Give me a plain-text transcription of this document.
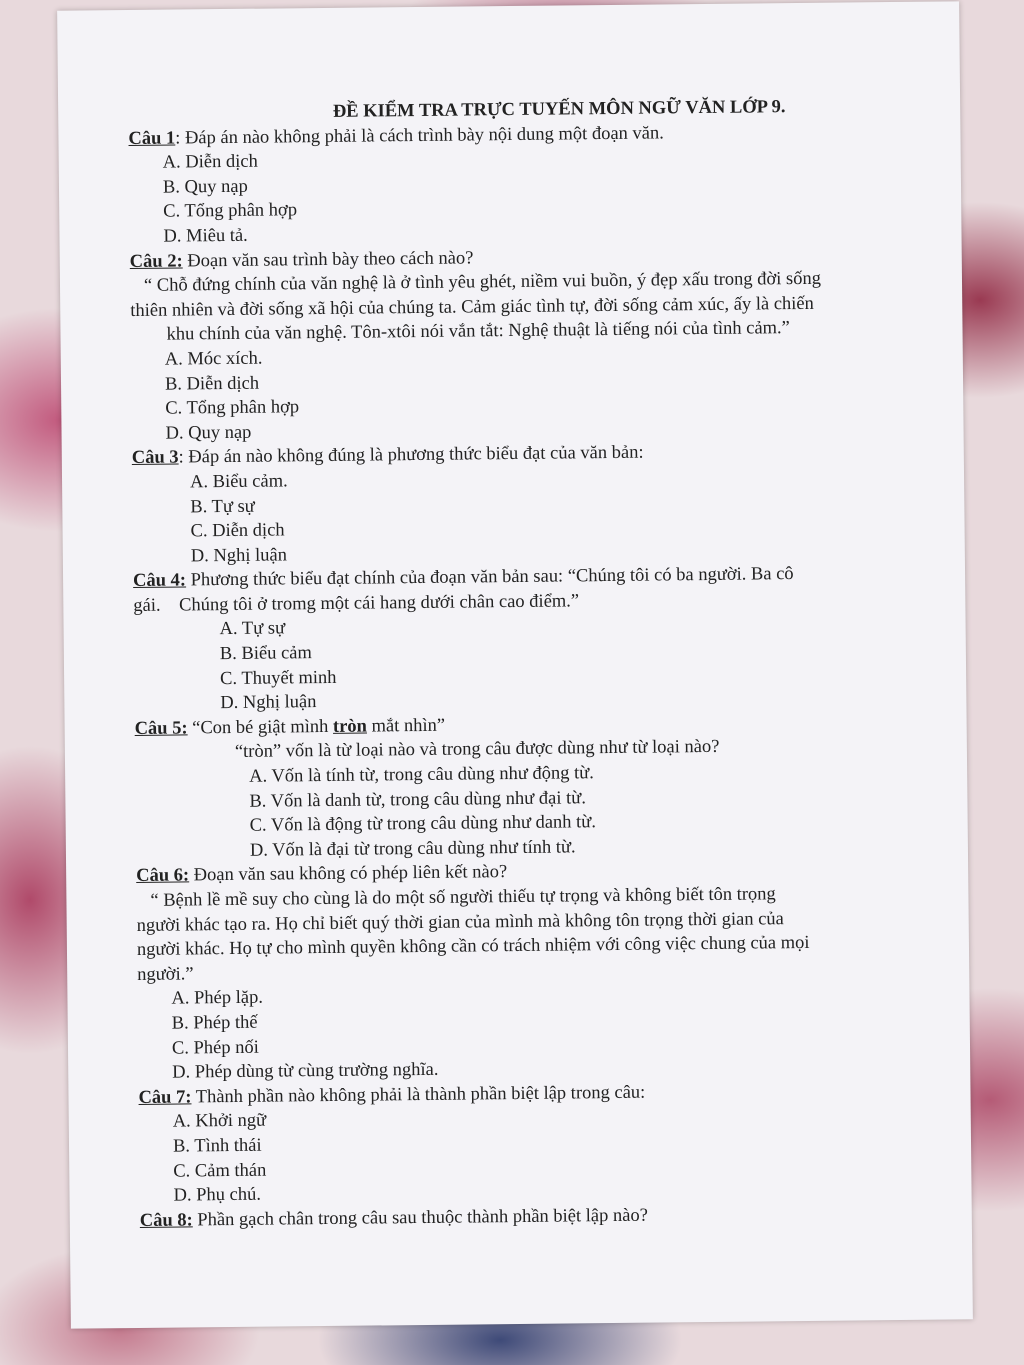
ĐỀ KIỂM TRA TRỰC TUYẾN MÔN NGỮ VĂN LỚP 9.
Câu 1: Đáp án nào không phải là cách trình bày nội dung một đoạn văn.
A. Diễn dịch
B. Quy nạp
C. Tổng phân hợp
D. Miêu tả.
Câu 2: Đoạn văn sau trình bày theo cách nào?
“ Chỗ đứng chính của văn nghệ là ở tình yêu ghét, niềm vui buồn, ý đẹp xấu trong đời sống
thiên nhiên và đời sống xã hội của chúng ta. Cảm giác tình tự, đời sống cảm xúc, ấy là chiến
khu chính của văn nghệ. Tôn-xtôi nói vắn tắt: Nghệ thuật là tiếng nói của tình cảm.”
A. Móc xích.
B. Diễn dịch
C. Tổng phân hợp
D. Quy nạp
Câu 3: Đáp án nào không đúng là phương thức biểu đạt của văn bản:
A. Biểu cảm.
B. Tự sự
C. Diễn dịch
D. Nghị luận
Câu 4: Phương thức biểu đạt chính của đoạn văn bản sau: “Chúng tôi có ba người. Ba cô
gái.    Chúng tôi ở tromg một cái hang dưới chân cao điểm.”
A. Tự sự
B. Biểu cảm
C. Thuyết minh
D. Nghị luận
Câu 5: “Con bé giật mình tròn mắt nhìn”
“tròn” vốn là từ loại nào và trong câu được dùng như từ loại nào?
A. Vốn là tính từ, trong câu dùng như động từ.
B. Vốn là danh từ, trong câu dùng như đại từ.
C. Vốn là động từ trong câu dùng như danh từ.
D. Vốn là đại từ trong câu dùng như tính từ.
Câu 6: Đoạn văn sau không có phép liên kết nào?
“ Bệnh lề mề suy cho cùng là do một số người thiếu tự trọng và không biết tôn trọng
người khác tạo ra. Họ chỉ biết quý thời gian của mình mà không tôn trọng thời gian của
người khác. Họ tự cho mình quyền không cần có trách nhiệm với công việc chung của mọi
người.”
A. Phép lặp.
B. Phép thế
C. Phép nối
D. Phép dùng từ cùng trường nghĩa.
Câu 7: Thành phần nào không phải là thành phần biệt lập trong câu:
A. Khởi ngữ
B. Tình thái
C. Cảm thán
D. Phụ chú.
Câu 8: Phần gạch chân trong câu sau thuộc thành phần biệt lập nào?
